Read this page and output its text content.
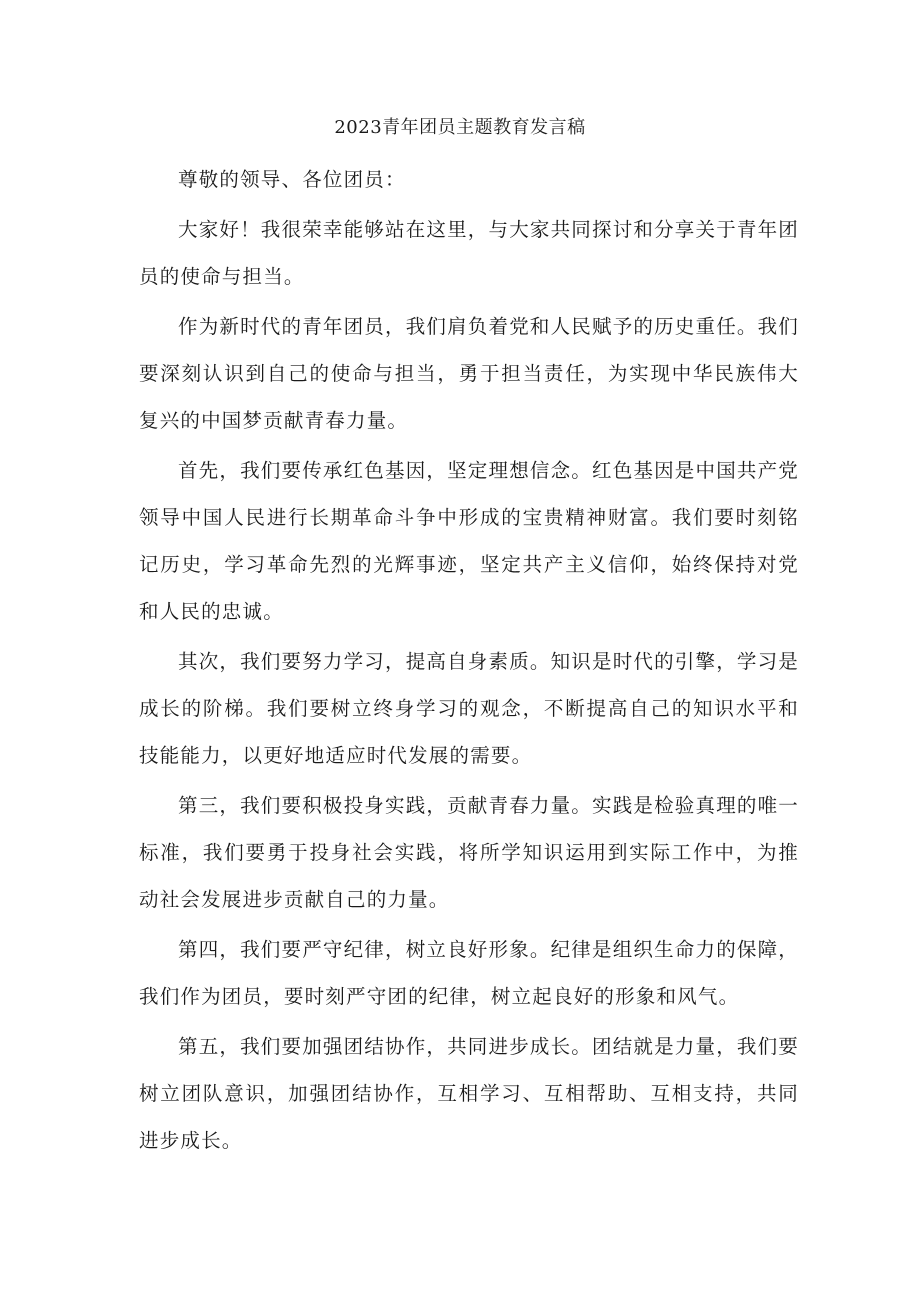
2023青年团员主题教育发言稿

尊敬的领导、各位团员：

大家好！我很荣幸能够站在这里，与大家共同探讨和分享关于青年团员的使命与担当。

作为新时代的青年团员，我们肩负着党和人民赋予的历史重任。我们要深刻认识到自己的使命与担当，勇于担当责任，为实现中华民族伟大复兴的中国梦贡献青春力量。

首先，我们要传承红色基因，坚定理想信念。红色基因是中国共产党领导中国人民进行长期革命斗争中形成的宝贵精神财富。我们要时刻铭记历史，学习革命先烈的光辉事迹，坚定共产主义信仰，始终保持对党和人民的忠诚。

其次，我们要努力学习，提高自身素质。知识是时代的引擎，学习是成长的阶梯。我们要树立终身学习的观念，不断提高自己的知识水平和技能能力，以更好地适应时代发展的需要。

第三，我们要积极投身实践，贡献青春力量。实践是检验真理的唯一标准，我们要勇于投身社会实践，将所学知识运用到实际工作中，为推动社会发展进步贡献自己的力量。

第四，我们要严守纪律，树立良好形象。纪律是组织生命力的保障，我们作为团员，要时刻严守团的纪律，树立起良好的形象和风气。

第五，我们要加强团结协作，共同进步成长。团结就是力量，我们要树立团队意识，加强团结协作，互相学习、互相帮助、互相支持，共同进步成长。
